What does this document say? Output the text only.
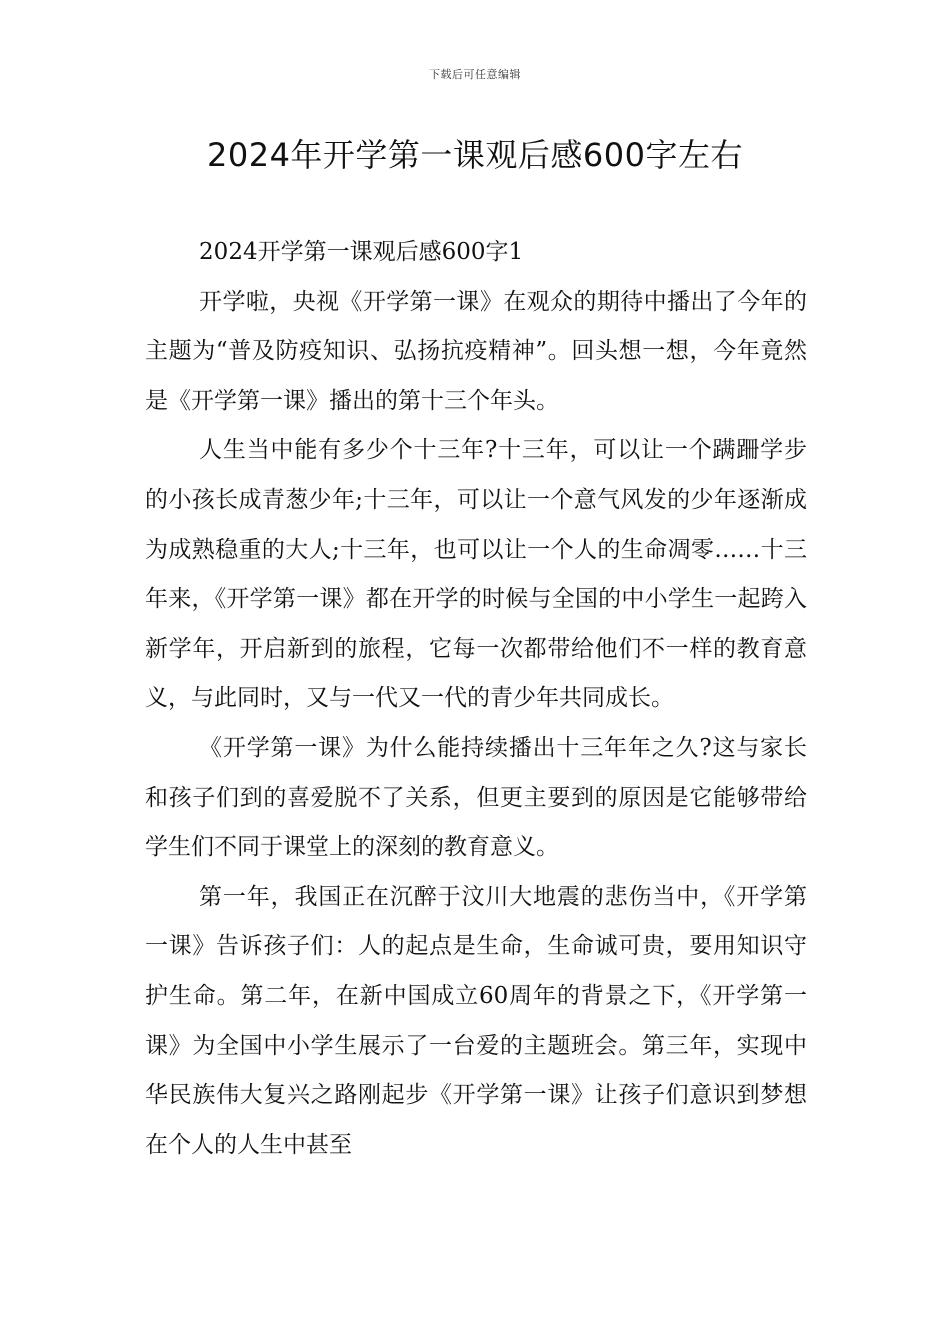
下载后可任意编辑
2024年开学第一课观后感600字左右

2024开学第一课观后感600字1

开学啦，央视《开学第一课》在观众的期待中播出了今年的主题为“普及防疫知识、弘扬抗疫精神”。回头想一想，今年竟然是《开学第一课》播出的第十三个年头。

人生当中能有多少个十三年?十三年，可以让一个蹒跚学步的小孩长成青葱少年;十三年，可以让一个意气风发的少年逐渐成为成熟稳重的大人;十三年，也可以让一个人的生命凋零……十三年来，《开学第一课》都在开学的时候与全国的中小学生一起跨入新学年，开启新到的旅程，它每一次都带给他们不一样的教育意义，与此同时，又与一代又一代的青少年共同成长。

《开学第一课》为什么能持续播出十三年年之久?这与家长和孩子们到的喜爱脱不了关系，但更主要到的原因是它能够带给学生们不同于课堂上的深刻的教育意义。

第一年，我国正在沉醉于汶川大地震的悲伤当中，《开学第一课》告诉孩子们：人的起点是生命，生命诚可贵，要用知识守护生命。第二年，在新中国成立60周年的背景之下，《开学第一课》为全国中小学生展示了一台爱的主题班会。第三年，实现中华民族伟大复兴之路刚起步《开学第一课》让孩子们意识到梦想在个人的人生中甚至
